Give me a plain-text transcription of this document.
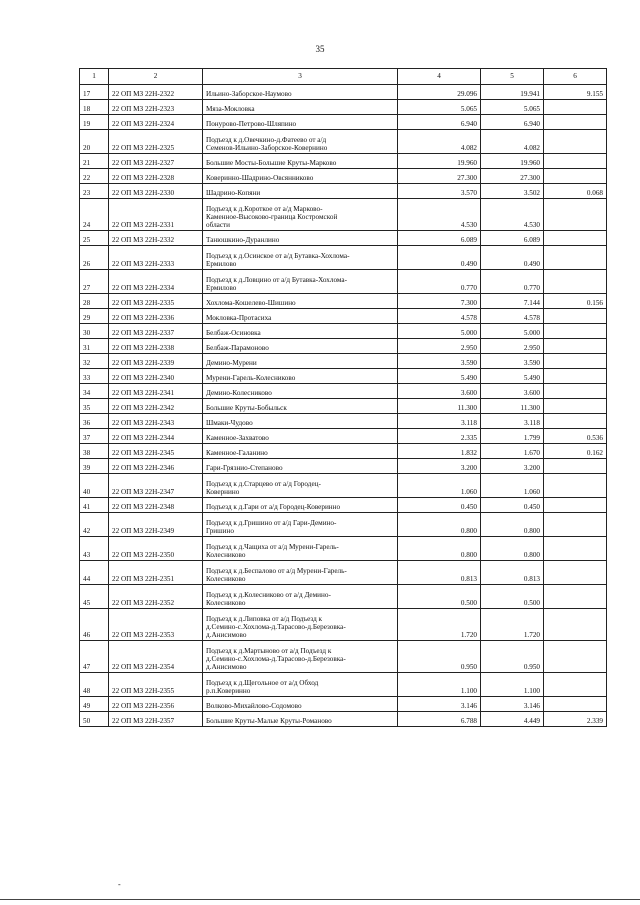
35
1	2	3	4	5	6
17	22 ОП МЗ 22Н-2322	Ильино-Заборское-Наумово	29.096	19.941	9.155
18	22 ОП МЗ 22Н-2323	Мяза-Мокловка	5.065	5.065	
19	22 ОП МЗ 22Н-2324	Понурово-Петрово-Шляпино	6.940	6.940	
20	22 ОП МЗ 22Н-2325	Подъезд к д.Овечкино-д.Фатеево от а/д
Семенов-Ильино-Заборское-Ковернино	4.082	4.082	
21	22 ОП МЗ 22Н-2327	Большие Мосты-Большие Круты-Марково	19.960	19.960	
22	22 ОП МЗ 22Н-2328	Коверинно-Шадрино-Овсянниково	27.300	27.300	
23	22 ОП МЗ 22Н-2330	Шадрино-Копяни	3.570	3.502	0.068
24	22 ОП МЗ 22Н-2331	Подъезд к д.Короткое от а/д Марково-
Каменное-Высоково-граница Костромской
области	4.530	4.530	
25	22 ОП МЗ 22Н-2332	Танюшкино-Дуранлино	6.089	6.089	
26	22 ОП МЗ 22Н-2333	Подъезд к д.Осинское от а/д Бутавка-Хохлома-
Ермилово	0.490	0.490	
27	22 ОП МЗ 22Н-2334	Подъезд к д.Ловцино от а/д Бутавка-Хохлома-
Ермилово	0.770	0.770	
28	22 ОП МЗ 22Н-2335	Хохлома-Кошелево-Шишино	7.300	7.144	0.156
29	22 ОП МЗ 22Н-2336	Мокловка-Протасиха	4.578	4.578	
30	22 ОП МЗ 22Н-2337	Белбаж-Осиновка	5.000	5.000	
31	22 ОП МЗ 22Н-2338	Белбаж-Парамоново	2.950	2.950	
32	22 ОП МЗ 22Н-2339	Демино-Мурени	3.590	3.590	
33	22 ОП МЗ 22Н-2340	Мурени-Гарель-Колесниково	5.490	5.490	
34	22 ОП МЗ 22Н-2341	Демино-Колесниково	3.600	3.600	
35	22 ОП МЗ 22Н-2342	Большие Круты-Бобыльск	11.300	11.300	
36	22 ОП МЗ 22Н-2343	Шмаки-Чудово	3.118	3.118	
37	22 ОП МЗ 22Н-2344	Каменное-Захватово	2.335	1.799	0.536
38	22 ОП МЗ 22Н-2345	Каменное-Галанино	1.832	1.670	0.162
39	22 ОП МЗ 22Н-2346	Гари-Грязнио-Степаново	3.200	3.200	
40	22 ОП МЗ 22Н-2347	Подъезд к д.Старцево от а/д Городец-
Ковернино	1.060	1.060	
41	22 ОП МЗ 22Н-2348	Подъезд к д.Гари от а/д Городец-Коверинно	0.450	0.450	
42	22 ОП МЗ 22Н-2349	Подъезд к д.Гришино от а/д Гари-Демино-
Гришино	0.800	0.800	
43	22 ОП МЗ 22Н-2350	Подъезд к д.Чащиха от а/д Мурени-Гарель-
Колесниково	0.800	0.800	
44	22 ОП МЗ 22Н-2351	Подъезд к д.Беспалово от а/д Мурени-Гарель-
Колесниково	0.813	0.813	
45	22 ОП МЗ 22Н-2352	Подъезд к д.Колесниково от а/д Демино-
Колесниково	0.500	0.500	
46	22 ОП МЗ 22Н-2353	Подъезд к д.Липовка от а/д Подъезд к
д.Семино-с.Хохлома-д.Тарасово-д.Березовка-
д.Анисимово	1.720	1.720	
47	22 ОП МЗ 22Н-2354	Подъезд к д.Мартыново от а/д Подъезд к
д.Семино-с.Хохлома-д.Тарасово-д.Березовка-
д.Анисимово	0.950	0.950	
48	22 ОП МЗ 22Н-2355	Подъезд к д.Щегольное от а/д Обход
р.п.Коверинно	1.100	1.100	
49	22 ОП МЗ 22Н-2356	Волково-Михайлово-Содомово	3.146	3.146	
50	22 ОП МЗ 22Н-2357	Большие Круты-Малые Круты-Романово	6.788	4.449	2.339
-
